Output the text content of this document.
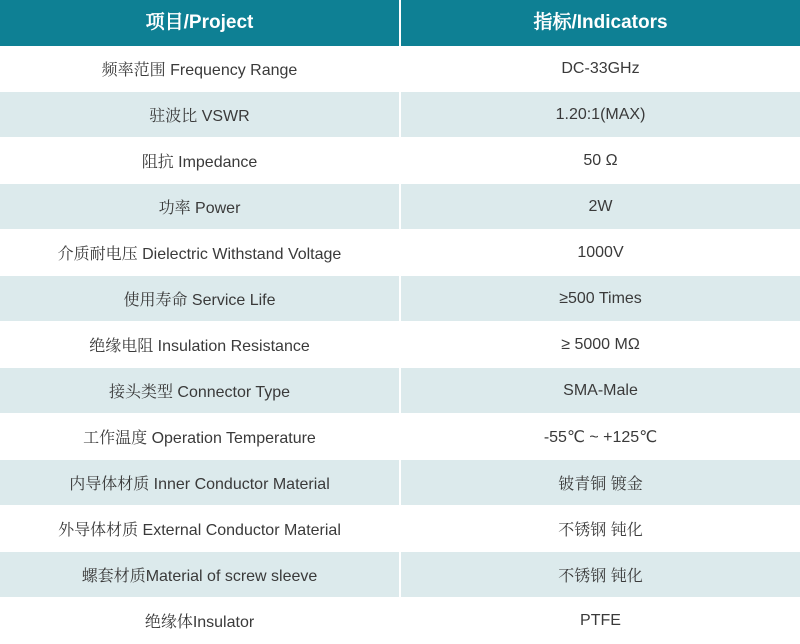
项目/Project	指标/Indicators
频率范围 Frequency Range	DC-33GHz
驻波比 VSWR	1.20:1(MAX)
阻抗 Impedance	50 Ω
功率 Power	2W
介质耐电压 Dielectric Withstand Voltage	1000V
使用寿命 Service Life	≥500 Times
绝缘电阻 Insulation Resistance	≥ 5000 MΩ
接头类型 Connector Type	SMA-Male
工作温度 Operation Temperature	-55℃ ~ +125℃
内导体材质 Inner Conductor Material	铍青铜 镀金
外导体材质 External Conductor Material	不锈钢 钝化
螺套材质Material of screw sleeve	不锈钢 钝化
绝缘体Insulator	PTFE
